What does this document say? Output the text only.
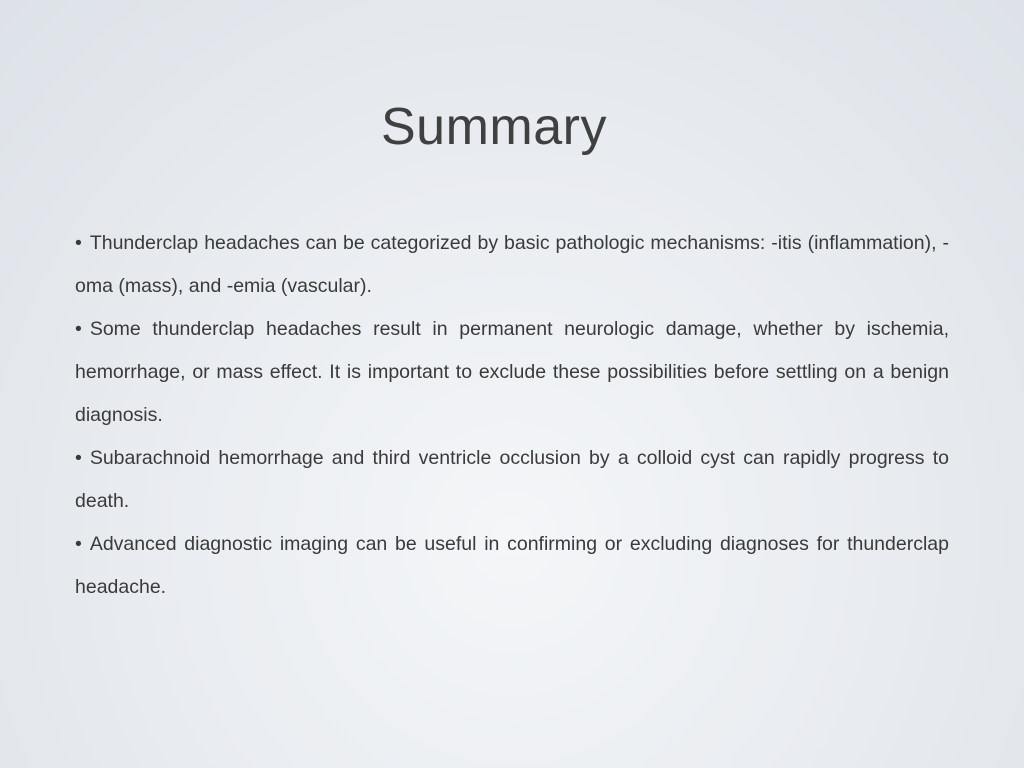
Summary
• Thunderclap headaches can be categorized by basic pathologic mechanisms: -itis (inflammation), -oma (mass), and -emia (vascular).
• Some thunderclap headaches result in permanent neurologic damage, whether by ischemia, hemorrhage, or mass effect. It is important to exclude these possibilities before settling on a benign diagnosis.
• Subarachnoid hemorrhage and third ventricle occlusion by a colloid cyst can rapidly progress to death.
• Advanced diagnostic imaging can be useful in confirming or excluding diagnoses for thunderclap headache.
